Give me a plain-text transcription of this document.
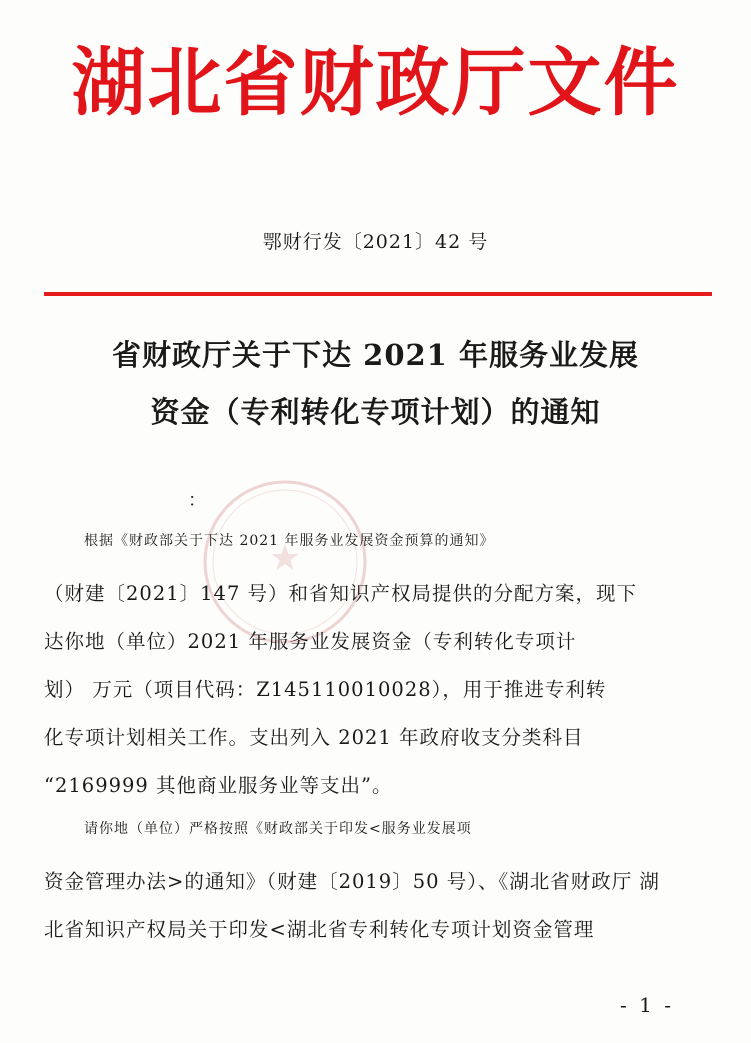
湖北省财政厅文件
鄂财行发〔2021〕42 号
省财政厅关于下达 2021 年服务业发展
资金（专利转化专项计划）的通知
：
★
根据《财政部关于下达 2021 年服务业发展资金预算的通知》
（财建〔2021〕147 号）和省知识产权局提供的分配方案，现下
达你地（单位）2021 年服务业发展资金（专利转化专项计
划） 万元（项目代码：Z145110010028），用于推进专利转
化专项计划相关工作。支出列入 2021 年政府收支分类科目
“2169999 其他商业服务业等支出”。
请你地（单位）严格按照《财政部关于印发<服务业发展项
资金管理办法>的通知》（财建〔2019〕50 号）、《湖北省财政厅 湖
北省知识产权局关于印发<湖北省专利转化专项计划资金管理
- 1 -
